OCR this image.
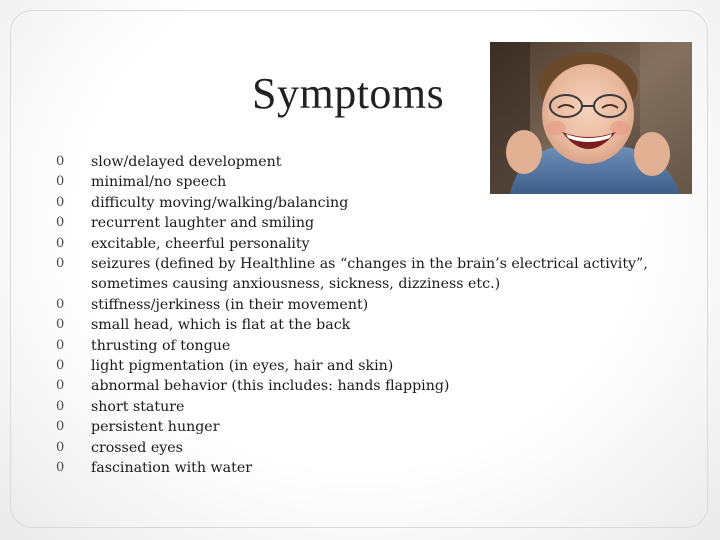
Symptoms
0	slow/delayed development
0	minimal/no speech
0	difficulty moving/walking/balancing
0	recurrent laughter and smiling
0	excitable, cheerful personality
0	seizures (defined by Healthline as “changes in the brain’s electrical activity”, sometimes causing anxiousness, sickness, dizziness etc.)
0	stiffness/jerkiness (in their movement)
0	small head, which is flat at the back
0	thrusting of tongue
0	light pigmentation (in eyes, hair and skin)
0	abnormal behavior (this includes: hands flapping)
0	short stature
0	persistent hunger
0	crossed eyes
0	fascination with water
